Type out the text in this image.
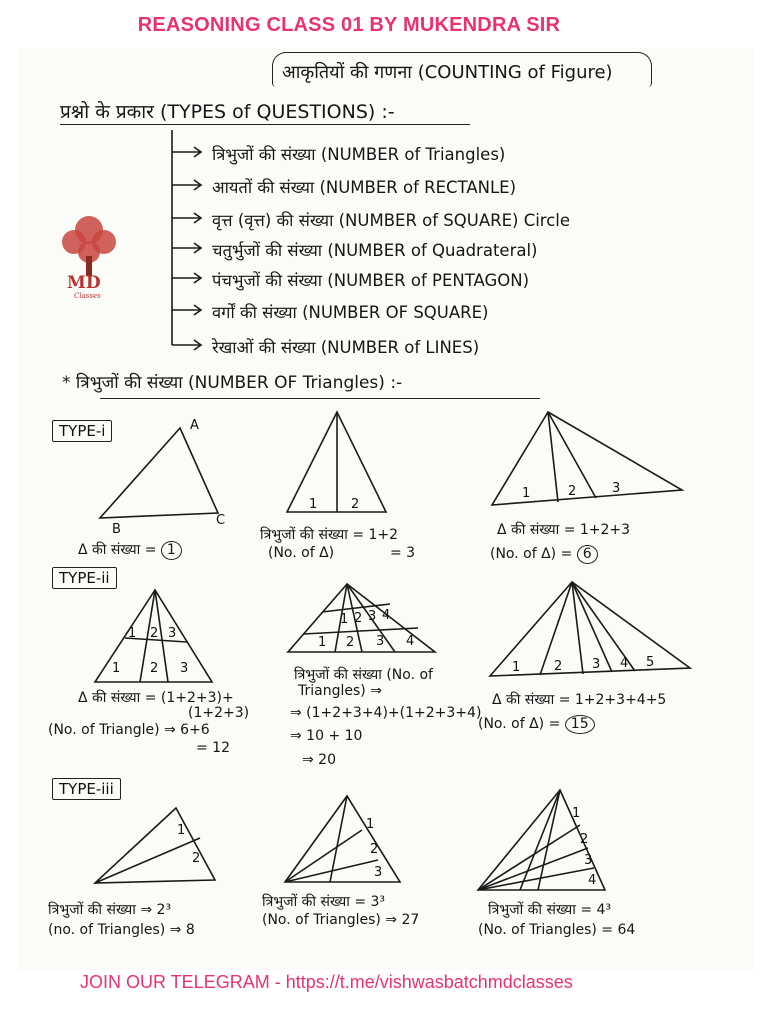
REASONING CLASS 01 BY MUKENDRA SIR
आकृतियों की गणना (COUNTING of Figure)
प्रश्नो के प्रकार (TYPES of QUESTIONS) :-
त्रिभुजों की संख्या (NUMBER of Triangles)
आयतों की संख्या (NUMBER of RECTANLE)
वृत्त (वृत्त) की संख्या (NUMBER of SQUARE) Circle
चतुर्भुजों की संख्या (NUMBER of Quadrateral)
पंचभुजों की संख्या (NUMBER of PENTAGON)
वर्गों की संख्या (NUMBER OF SQUARE)
रेखाओं की संख्या (NUMBER of LINES)
MD
Classes
* त्रिभुजों की संख्या (NUMBER OF Triangles) :-
TYPE-i
TYPE-ii
TYPE-iii
A
B
C
1	2
1	2	3
1 2 3
1 2 3
1 2 3 4
1 2 3 4
1	2 3 4 5
1
2
1
2
3
1
2
3
4
Δ की संख्या = 1
त्रिभुजों की संख्या = 1+2
(No. of Δ)	= 3
Δ की संख्या = 1+2+3
(No. of Δ) = 6
Δ की संख्या = (1+2+3)+
(1+2+3)
(No. of Triangle) ⇒ 6+6
= 12
त्रिभुजों की संख्या (No. of
Triangles) ⇒
⇒ (1+2+3+4)+(1+2+3+4)
⇒ 10 + 10
⇒ 20
Δ की संख्या = 1+2+3+4+5
(No. of Δ) = 15
त्रिभुजों की संख्या ⇒ 2³
(no. of Triangles) ⇒ 8
त्रिभुजों की संख्या = 3³
(No. of Triangles) ⇒ 27
त्रिभुजों की संख्या = 4³
(No. of Triangles) = 64
JOIN OUR TELEGRAM - https://t.me/vishwasbatchmdclasses
